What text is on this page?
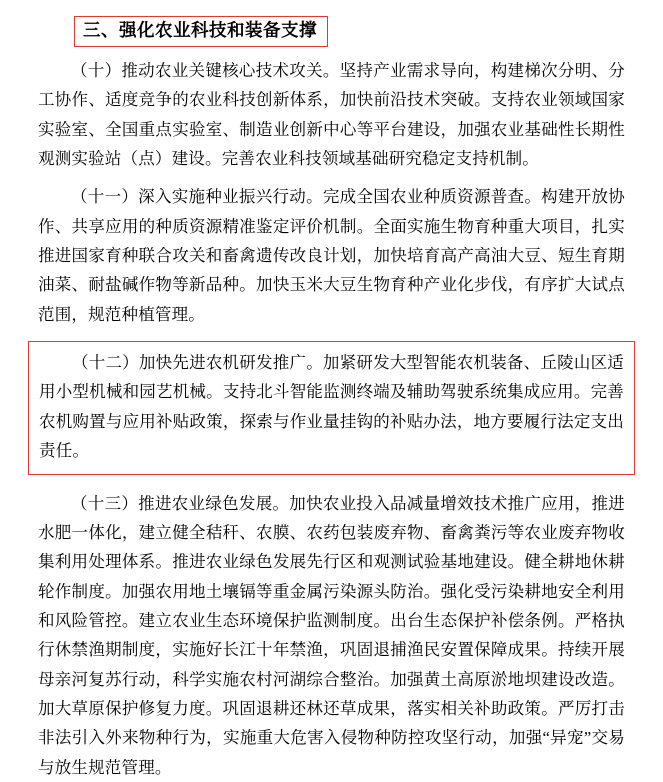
三、强化农业科技和装备支撑

（十）推动农业关键核心技术攻关。坚持产业需求导向，构建梯次分明、分工协作、适度竞争的农业科技创新体系，加快前沿技术突破。支持农业领域国家实验室、全国重点实验室、制造业创新中心等平台建设，加强农业基础性长期性观测实验站（点）建设。完善农业科技领域基础研究稳定支持机制。

（十一）深入实施种业振兴行动。完成全国农业种质资源普查。构建开放协作、共享应用的种质资源精准鉴定评价机制。全面实施生物育种重大项目，扎实推进国家育种联合攻关和畜禽遗传改良计划，加快培育高产高油大豆、短生育期油菜、耐盐碱作物等新品种。加快玉米大豆生物育种产业化步伐，有序扩大试点范围，规范种植管理。

（十二）加快先进农机研发推广。加紧研发大型智能农机装备、丘陵山区适用小型机械和园艺机械。支持北斗智能监测终端及辅助驾驶系统集成应用。完善农机购置与应用补贴政策，探索与作业量挂钩的补贴办法，地方要履行法定支出责任。

（十三）推进农业绿色发展。加快农业投入品减量增效技术推广应用，推进水肥一体化，建立健全秸秆、农膜、农药包装废弃物、畜禽粪污等农业废弃物收集利用处理体系。推进农业绿色发展先行区和观测试验基地建设。健全耕地休耕轮作制度。加强农用地土壤镉等重金属污染源头防治。强化受污染耕地安全利用和风险管控。建立农业生态环境保护监测制度。出台生态保护补偿条例。严格执行休禁渔期制度，实施好长江十年禁渔，巩固退捕渔民安置保障成果。持续开展母亲河复苏行动，科学实施农村河湖综合整治。加强黄土高原淤地坝建设改造。加大草原保护修复力度。巩固退耕还林还草成果，落实相关补助政策。严厉打击非法引入外来物种行为，实施重大危害入侵物种防控攻坚行动，加强“异宠”交易与放生规范管理。
